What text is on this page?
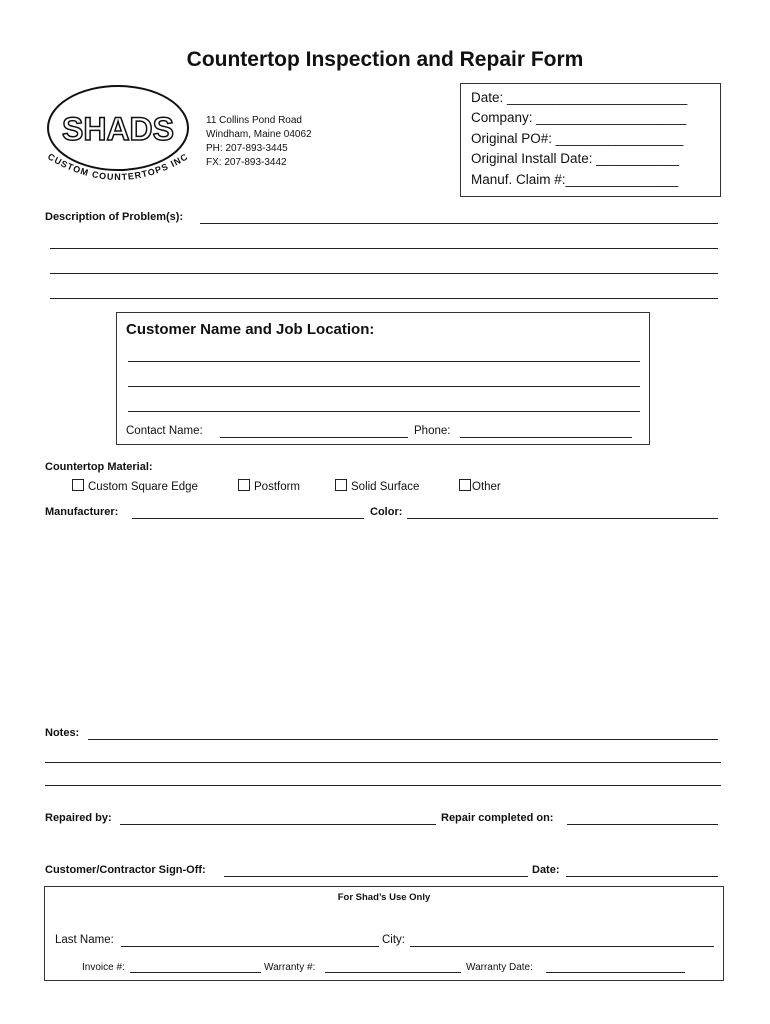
Countertop Inspection and Repair Form
SHADS
CUSTOM COUNTERTOPS INC
11 Collins Pond Road
Windham, Maine 04062
PH: 207-893-3445
FX: 207-893-3442
Date: ________________________
Company: ____________________
Original PO#: _________________
Original Install Date: ___________
Manuf. Claim #:_______________
Description of Problem(s):
Customer Name and Job Location:
Contact Name:	Phone:
Countertop Material:
Custom Square Edge	Postform	Solid Surface	Other
Manufacturer:	Color:
Notes:
Repaired by:	Repair completed on:
Customer/Contractor Sign-Off:	Date:
For Shad’s Use Only
Last Name:	City:
Invoice #:	Warranty #:	Warranty Date:
